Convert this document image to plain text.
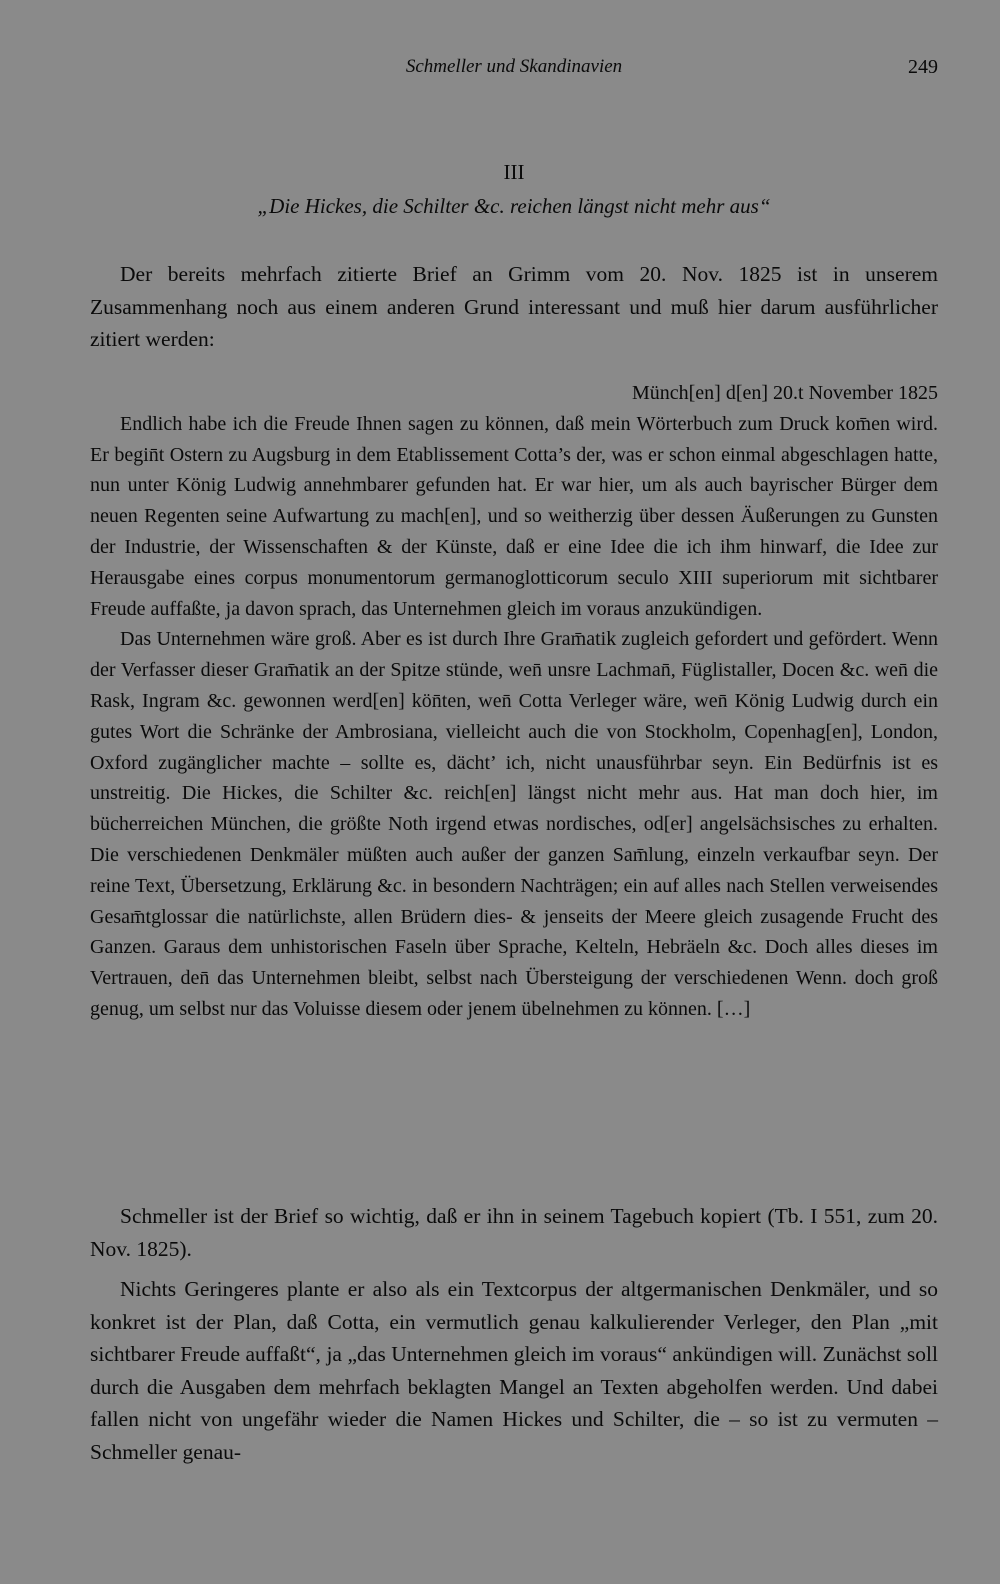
Schmeller und Skandinavien	249
III
„Die Hickes, die Schilter &c. reichen längst nicht mehr aus“

Der bereits mehrfach zitierte Brief an Grimm vom 20. Nov. 1825 ist in unserem Zusammenhang noch aus einem anderen Grund interessant und muß hier darum ausführlicher zitiert werden:

Münch[en] d[en] 20.t November 1825

Endlich habe ich die Freude Ihnen sagen zu können, daß mein Wörterbuch zum Druck kom̄en wird. Er begin̄t Ostern zu Augsburg in dem Etablissement Cotta’s der, was er schon einmal abgeschlagen hatte, nun unter König Ludwig annehmbarer gefunden hat. Er war hier, um als auch bayrischer Bürger dem neuen Regenten seine Aufwartung zu mach[en], und so weitherzig über dessen Äußerungen zu Gunsten der Industrie, der Wissenschaften & der Künste, daß er eine Idee die ich ihm hinwarf, die Idee zur Herausgabe eines corpus monumentorum germanoglotticorum seculo XIII superiorum mit sichtbarer Freude auffaßte, ja davon sprach, das Unternehmen gleich im voraus anzukündigen.

Das Unternehmen wäre groß. Aber es ist durch Ihre Gram̄atik zugleich gefordert und gefördert. Wenn der Verfasser dieser Gram̄atik an der Spitze stünde, wen̄ unsre Lachman̄, Füglistaller, Docen &c. wen̄ die Rask, Ingram &c. gewonnen werd[en] kön̄ten, wen̄ Cotta Verleger wäre, wen̄ König Ludwig durch ein gutes Wort die Schränke der Ambrosiana, vielleicht auch die von Stockholm, Copenhag[en], London, Oxford zugänglicher machte – sollte es, dächt’ ich, nicht unausführbar seyn. Ein Bedürfnis ist es unstreitig. Die Hickes, die Schilter &c. reich[en] längst nicht mehr aus. Hat man doch hier, im bücherreichen München, die größte Noth irgend etwas nordisches, od[er] angelsächsisches zu erhalten. Die verschiedenen Denkmäler müßten auch außer der ganzen Sam̄lung, einzeln verkaufbar seyn. Der reine Text, Übersetzung, Erklärung &c. in besondern Nachträgen; ein auf alles nach Stellen verweisendes Gesam̄tglossar die natürlichste, allen Brüdern dies- & jenseits der Meere gleich zusagende Frucht des Ganzen. Garaus dem unhistorischen Faseln über Sprache, Kelteln, Hebräeln &c. Doch alles dieses im Vertrauen, den̄ das Unternehmen bleibt, selbst nach Übersteigung der verschiedenen Wenn. doch groß genug, um selbst nur das Voluisse diesem oder jenem übelnehmen zu können. […]

Schmeller ist der Brief so wichtig, daß er ihn in seinem Tagebuch kopiert (Tb. I 551, zum 20. Nov. 1825).

Nichts Geringeres plante er also als ein Textcorpus der altgermanischen Denkmäler, und so konkret ist der Plan, daß Cotta, ein vermutlich genau kalkulierender Verleger, den Plan „mit sichtbarer Freude auffaßt“, ja „das Unternehmen gleich im voraus“ ankündigen will. Zunächst soll durch die Ausgaben dem mehrfach beklagten Mangel an Texten abgeholfen werden. Und dabei fallen nicht von ungefähr wieder die Namen Hickes und Schilter, die – so ist zu vermuten – Schmeller genau-
